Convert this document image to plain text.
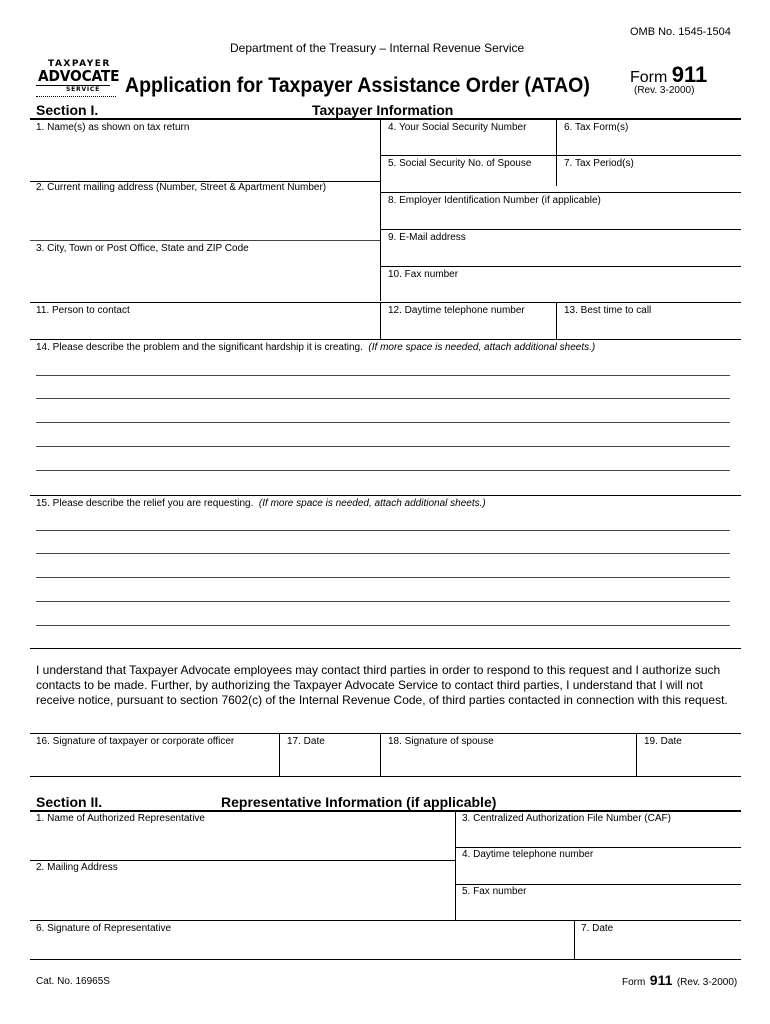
OMB No. 1545-1504
Department of the Treasury – Internal Revenue Service
TAXPAYER
ADVOCATE
SERVICE Application for Taxpayer Assistance Order (ATAO)	Form 911
(Rev. 3-2000)
Section I.	Taxpayer Information
1. Name(s) as shown on tax return
2. Current mailing address (Number, Street & Apartment Number)
3. City, Town or Post Office, State and ZIP Code
4. Your Social Security Number	6. Tax Form(s)
5. Social Security No. of Spouse	7. Tax Period(s)
8. Employer Identification Number (if applicable)
9. E-Mail address
10. Fax number
11. Person to contact	12. Daytime telephone number	13. Best time to call
14. Please describe the problem and the significant hardship it is creating. (If more space is needed, attach additional sheets.)
15. Please describe the relief you are requesting. (If more space is needed, attach additional sheets.)
I understand that Taxpayer Advocate employees may contact third parties in order to respond to this request and I authorize such contacts to be made. Further, by authorizing the Taxpayer Advocate Service to contact third parties, I understand that I will not receive notice, pursuant to section 7602(c) of the Internal Revenue Code, of third parties contacted in connection with this request.
16. Signature of taxpayer or corporate officer	17. Date	18. Signature of spouse	19. Date
Section II.	Representative Information (if applicable)
1. Name of Authorized Representative
2. Mailing Address
3. Centralized Authorization File Number (CAF)
4. Daytime telephone number
5. Fax number
6. Signature of Representative	7. Date
Cat. No. 16965S	Form 911 (Rev. 3-2000)
